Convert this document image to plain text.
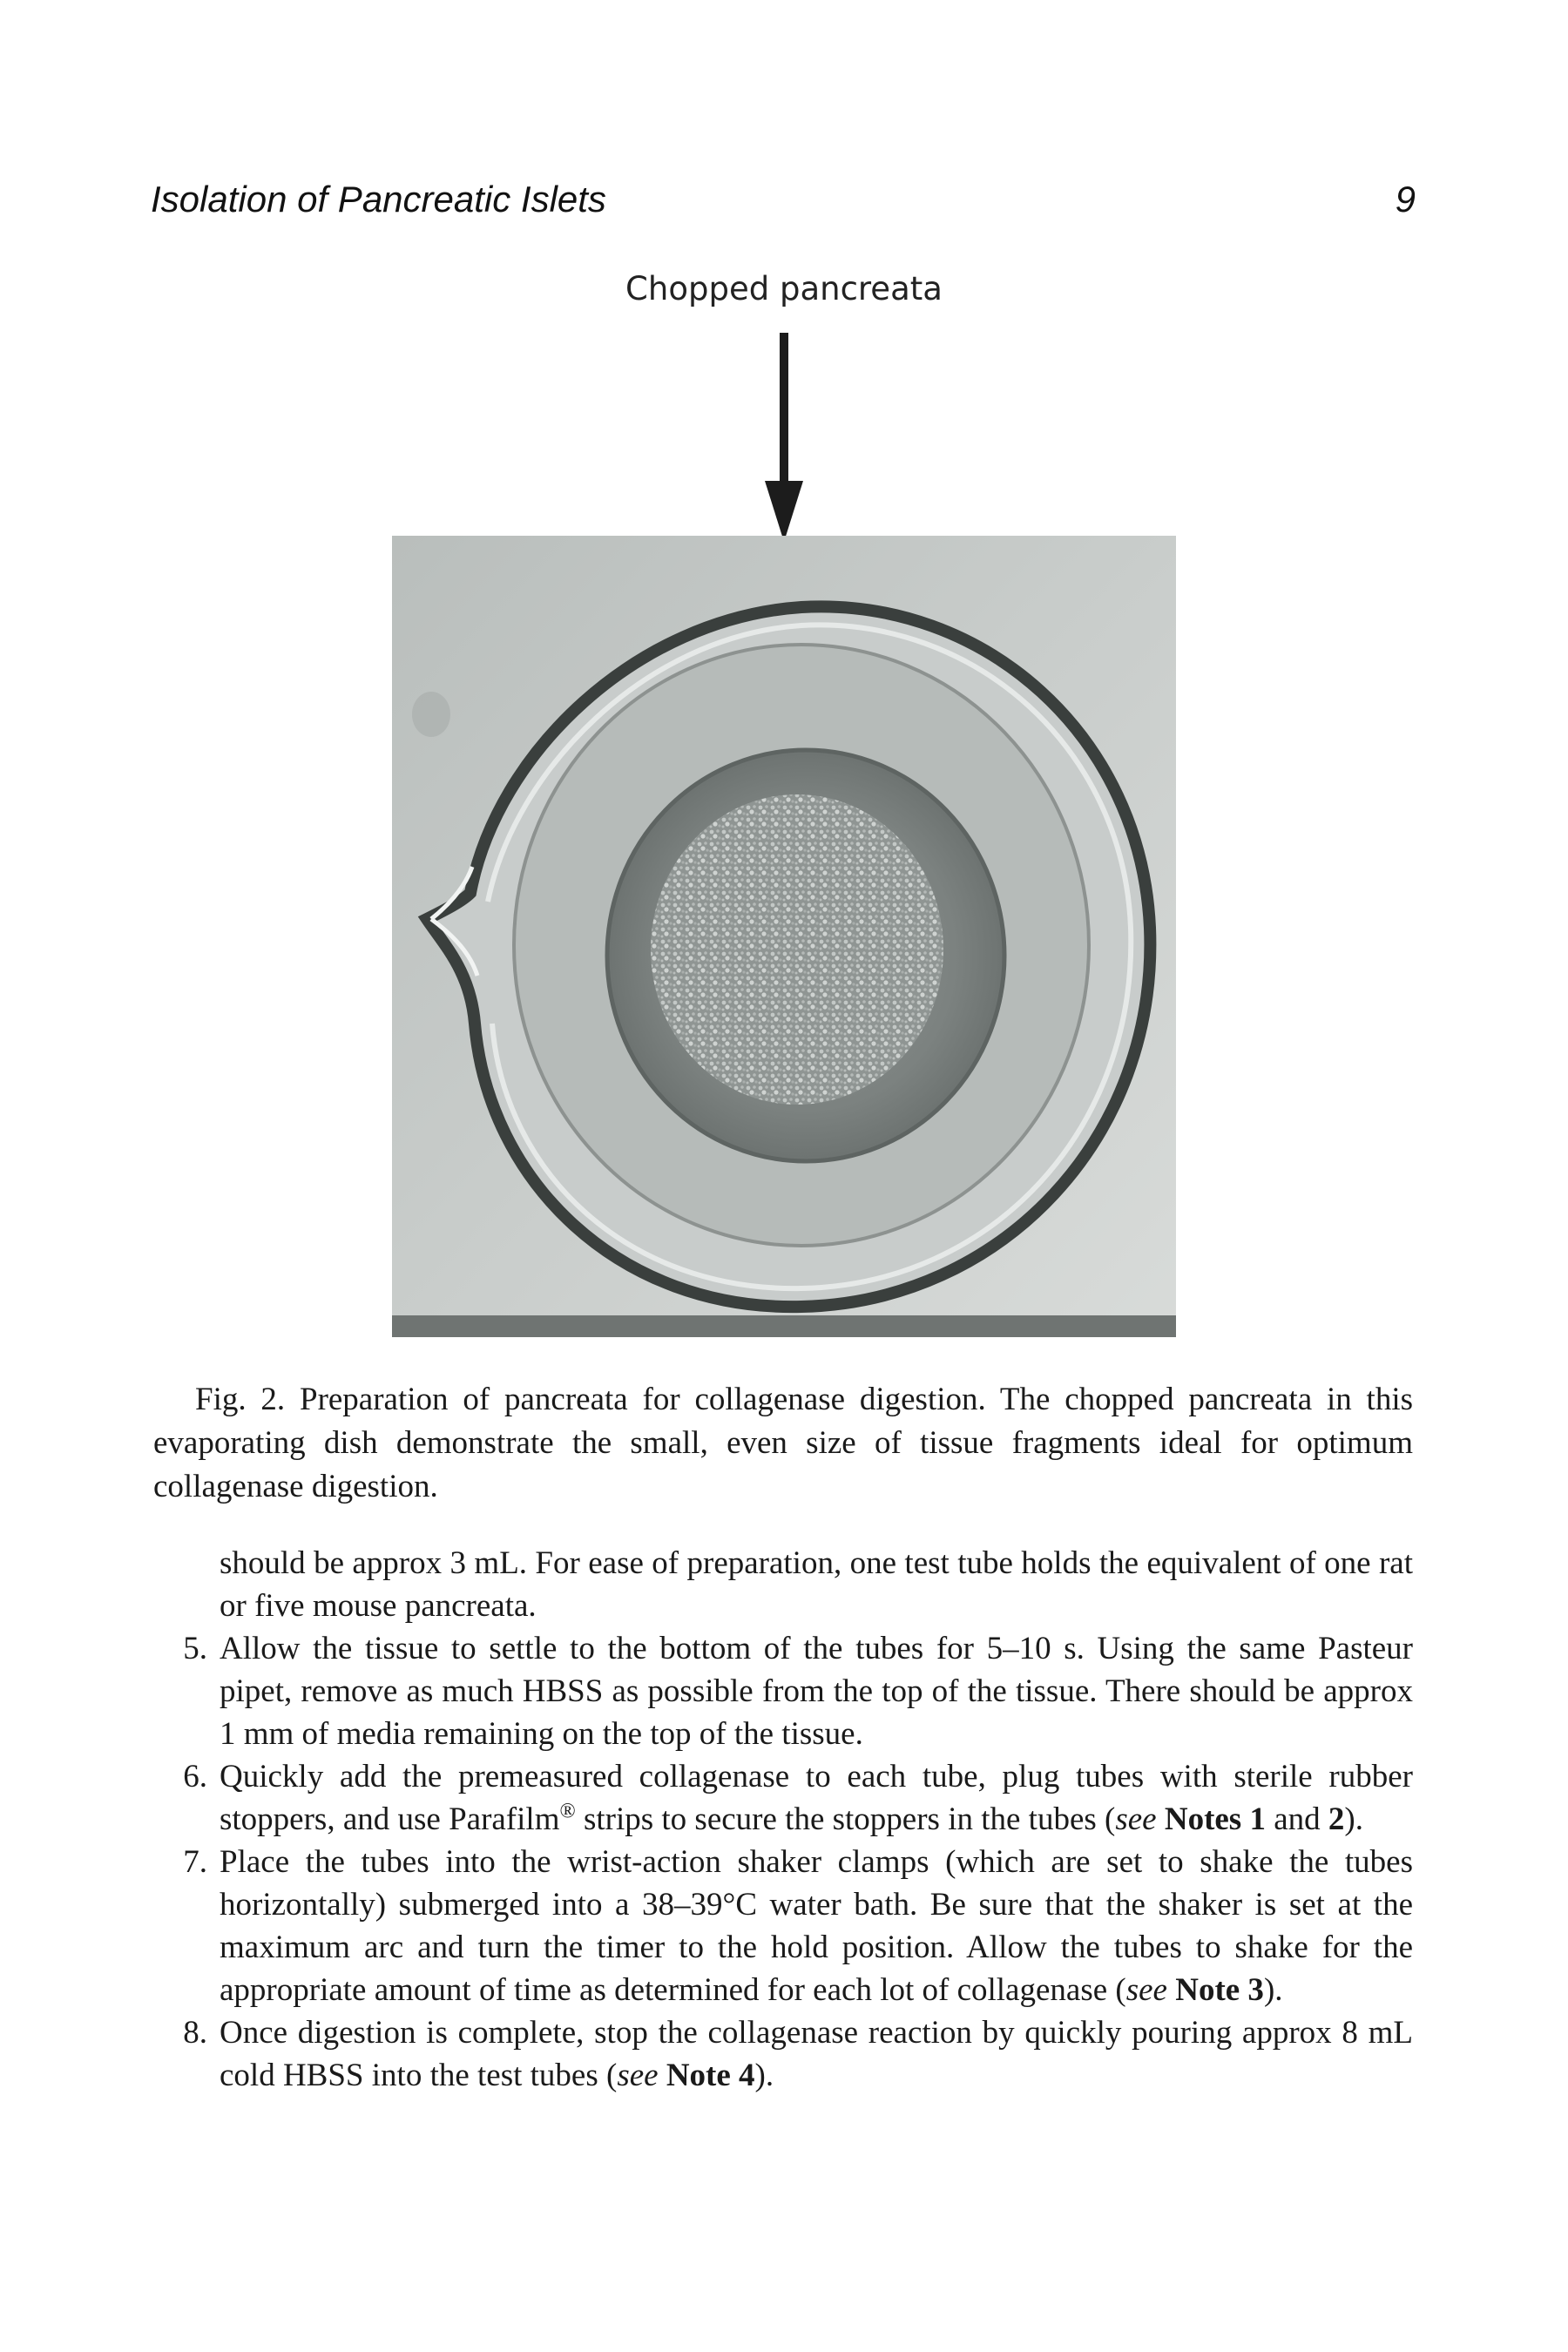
Isolation of Pancreatic Islets	9
Chopped pancreata

Fig. 2. Preparation of pancreata for collagenase digestion. The chopped pancreata in this evaporating dish demonstrate the small, even size of tissue fragments ideal for optimum collagenase digestion.

should be approx 3 mL. For ease of preparation, one test tube holds the equivalent of one rat or five mouse pancreata.

5. Allow the tissue to settle to the bottom of the tubes for 5–10 s. Using the same Pasteur pipet, remove as much HBSS as possible from the top of the tissue. There should be approx 1 mm of media remaining on the top of the tissue.
6. Quickly add the premeasured collagenase to each tube, plug tubes with sterile rubber stoppers, and use Parafilm® strips to secure the stoppers in the tubes (see Notes 1 and 2).
7. Place the tubes into the wrist-action shaker clamps (which are set to shake the tubes horizontally) submerged into a 38–39°C water bath. Be sure that the shaker is set at the maximum arc and turn the timer to the hold position. Allow the tubes to shake for the appropriate amount of time as determined for each lot of collagenase (see Note 3).
8. Once digestion is complete, stop the collagenase reaction by quickly pouring approx 8 mL cold HBSS into the test tubes (see Note 4).
